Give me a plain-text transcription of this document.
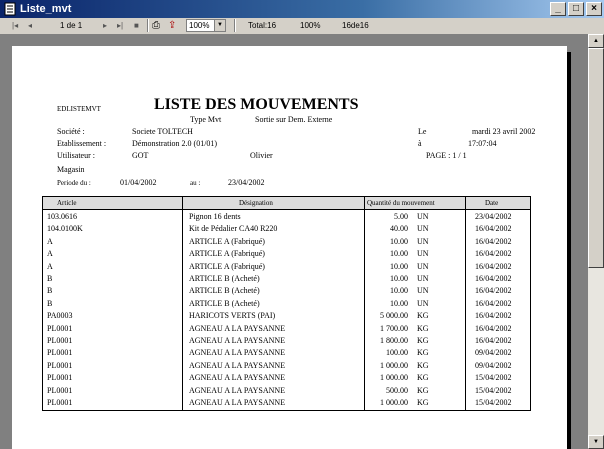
Liste_mvt	_	□	×
|◂ ◂	1 de 1	▸ ▸| ■ ⎙ ⇪	100%	▼	Total:16	100%	16de16
EDLISTEMVT	LISTE DES MOUVEMENTS
Type Mvt	Sortie sur Dem. Externe
Société :	Societe TOLTECH
Etablissement :	Démonstration 2.0 (01/01)
Utilisateur :	GOT	Olivier
Magasin
Periode du :	01/04/2002	au :	23/04/2002
Le	mardi 23 avril 2002
à	17:07:04
PAGE : 1 / 1
Article	Désignation	Quantité du mouvement	Date
103.0616	Pignon 16 dents	5.00 UN	23/04/2002
104.0100K	Kit de Pédalier CA40 R220	40.00 UN	16/04/2002
A	ARTICLE A (Fabriqué)	10.00 UN	16/04/2002
A	ARTICLE A (Fabriqué)	10.00 UN	16/04/2002
A	ARTICLE A (Fabriqué)	10.00 UN	16/04/2002
B	ARTICLE B (Acheté)	10.00 UN	16/04/2002
B	ARTICLE B (Acheté)	10.00 UN	16/04/2002
B	ARTICLE B (Acheté)	10.00 UN	16/04/2002
PA0003	HARICOTS VERTS (PAI)	5 000.00 KG	16/04/2002
PL0001	AGNEAU A LA PAYSANNE	1 700.00 KG	16/04/2002
PL0001	AGNEAU A LA PAYSANNE	1 800.00 KG	16/04/2002
PL0001	AGNEAU A LA PAYSANNE	100.00 KG	09/04/2002
PL0001	AGNEAU A LA PAYSANNE	1 000.00 KG	09/04/2002
PL0001	AGNEAU A LA PAYSANNE	1 000.00 KG	15/04/2002
PL0001	AGNEAU A LA PAYSANNE	500.00 KG	15/04/2002
PL0001	AGNEAU A LA PAYSANNE	1 000.00 KG	15/04/2002
▲
▼
